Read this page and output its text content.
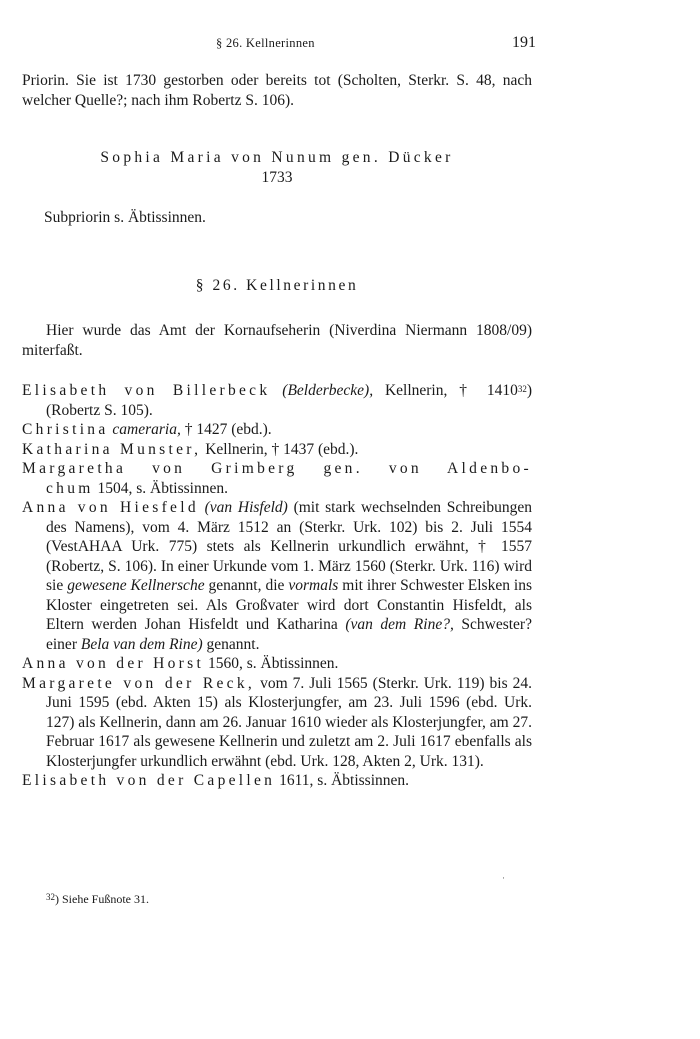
§ 26. Kellnerinnen	191
Priorin. Sie ist 1730 gestorben oder bereits tot (Scholten, Sterkr. S. 48, nach welcher Quelle?; nach ihm Robertz S. 106).
Sophia Maria von Nunum gen. Dücker
1733
Subpriorin s. Äbtissinnen.
§ 26. Kellnerinnen
Hier wurde das Amt der Kornaufseherin (Niverdina Niermann 1808/09) miterfaßt.
Elisabeth von Billerbeck (Belderbecke), Kellnerin, † 141032) (Robertz S. 105).
Christina cameraria, † 1427 (ebd.).
Katharina Munster, Kellnerin, † 1437 (ebd.).
Margaretha von Grimberg gen. von Aldenbo-
chum 1504, s. Äbtissinnen.
Anna von Hiesfeld (van Hisfeld) (mit stark wechselnden Schreibungen des Namens), vom 4. März 1512 an (Sterkr. Urk. 102) bis 2. Juli 1554 (VestAHAA Urk. 775) stets als Kellnerin urkundlich erwähnt, † 1557 (Robertz, S. 106). In einer Urkunde vom 1. März 1560 (Sterkr. Urk. 116) wird sie gewesene Kellnersche genannt, die vormals mit ihrer Schwester Elsken ins Kloster eingetreten sei. Als Großvater wird dort Constantin Hisfeldt, als Eltern werden Johan Hisfeldt und Katharina (van dem Rine?, Schwester? einer Bela van dem Rine) genannt.
Anna von der Horst 1560, s. Äbtissinnen.
Margarete von der Reck, vom 7. Juli 1565 (Sterkr. Urk. 119) bis 24. Juni 1595 (ebd. Akten 15) als Klosterjungfer, am 23. Juli 1596 (ebd. Urk. 127) als Kellnerin, dann am 26. Januar 1610 wieder als Klosterjungfer, am 27. Februar 1617 als gewesene Kellnerin und zuletzt am 2. Juli 1617 ebenfalls als Klosterjungfer urkundlich erwähnt (ebd. Urk. 128, Akten 2, Urk. 131).
Elisabeth von der Capellen 1611, s. Äbtissinnen.
·
$^{32}$) Siehe Fußnote 31.
